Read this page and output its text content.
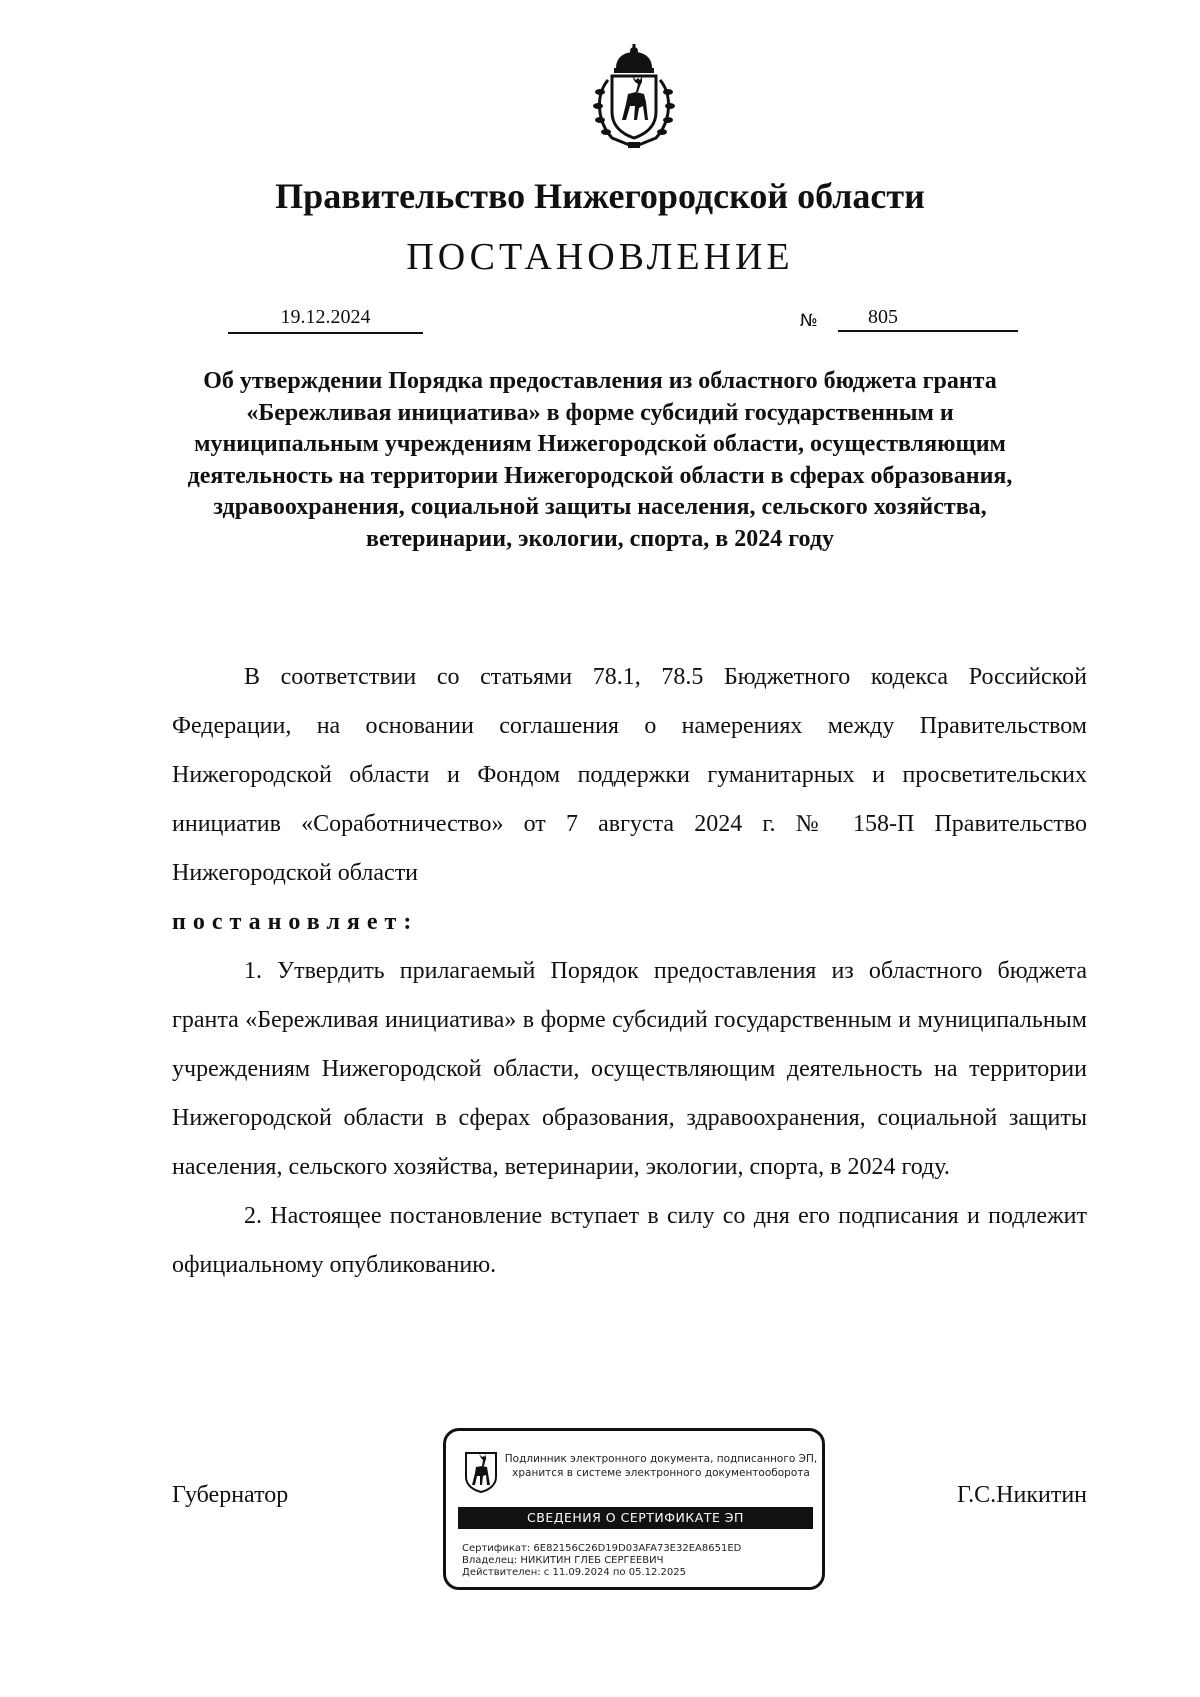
Правительство Нижегородской области
ПОСТАНОВЛЕНИЕ
19.12.2024	№	805
Об утверждении Порядка предоставления из областного бюджета гранта «Бережливая инициатива» в форме субсидий государственным и муниципальным учреждениям Нижегородской области, осуществляющим деятельность на территории Нижегородской области в сферах образования, здравоохранения, социальной защиты населения, сельского хозяйства, ветеринарии, экологии, спорта, в 2024 году

В соответствии со статьями 78.1, 78.5 Бюджетного кодекса Российской Федерации, на основании соглашения о намерениях между Правительством Нижегородской области и Фондом поддержки гуманитарных и просветительских инициатив «Соработничество» от 7 августа 2024 г. № 158-П Правительство Нижегородской области

постановляет:

1. Утвердить прилагаемый Порядок предоставления из областного бюджета гранта «Бережливая инициатива» в форме субсидий государственным и муниципальным учреждениям Нижегородской области, осуществляющим деятельность на территории Нижегородской области в сферах образования, здравоохранения, социальной защиты населения, сельского хозяйства, ветеринарии, экологии, спорта, в 2024 году.

2. Настоящее постановление вступает в силу со дня его подписания и подлежит официальному опубликованию.

Губернатор
Подлинник электронного документа, подписанного ЭП,
хранится в системе электронного документооборота
СВЕДЕНИЯ О СЕРТИФИКАТЕ ЭП
Сертификат: 6E82156C26D19D03AFA73E32EA8651ED
Владелец: НИКИТИН ГЛЕБ СЕРГЕЕВИЧ
Действителен: с 11.09.2024 по 05.12.2025
Г.С.Никитин
